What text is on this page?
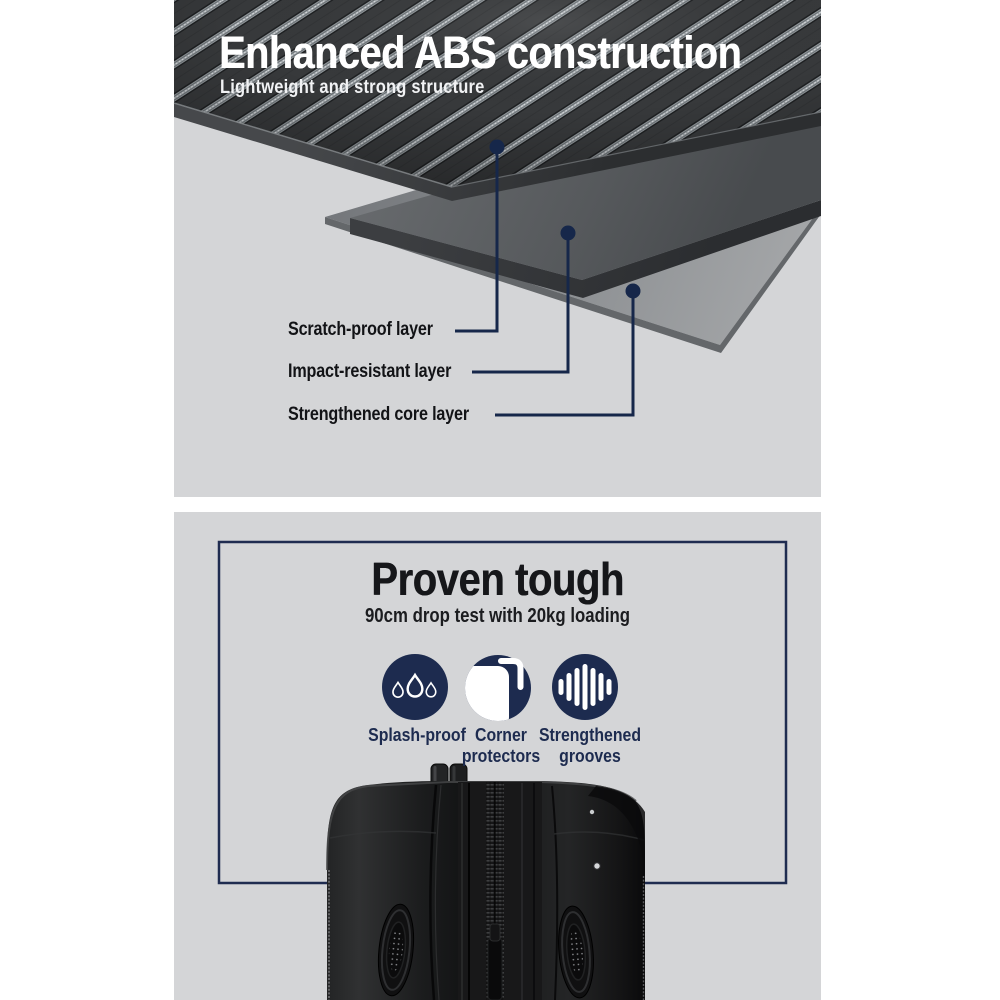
Enhanced ABS construction
Lightweight and strong structure
Scratch-proof layer
Impact-resistant layer
Strengthened core layer
Proven tough
90cm drop test with 20kg loading
Splash-proof Corner protectors
Strengthened grooves
